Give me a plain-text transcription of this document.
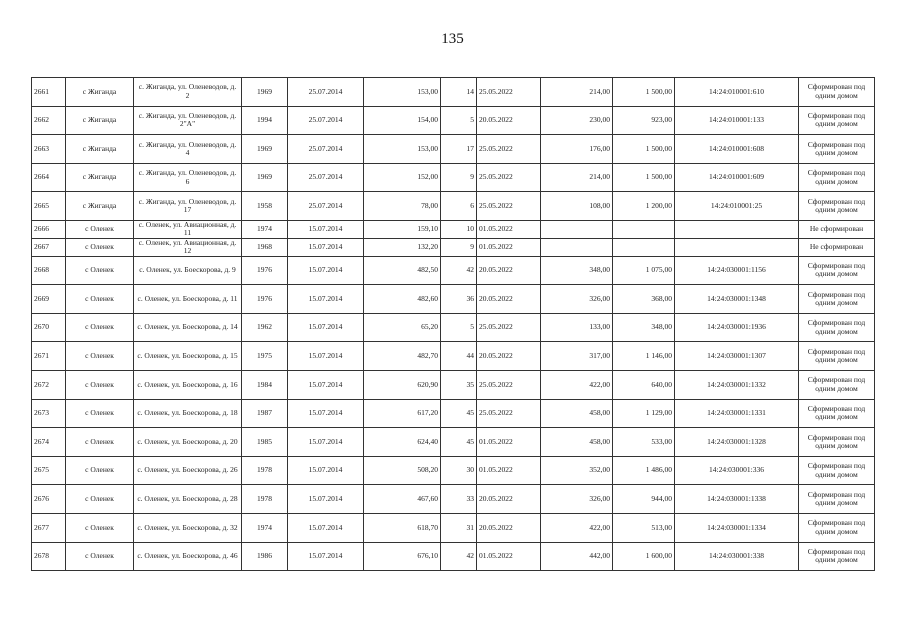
135
2661	с Жиганда	с. Жиганда, ул. Оленеводов, д. 2	1969	25.07.2014	153,00	14	25.05.2022	214,00	1 500,00	14:24:010001:610	Сформирован под одним домом
2662	с Жиганда	с. Жиганда, ул. Оленеводов, д. 2"А"	1994	25.07.2014	154,00	5	20.05.2022	230,00	923,00	14:24:010001:133	Сформирован под одним домом
2663	с Жиганда	с. Жиганда, ул. Оленеводов, д. 4	1969	25.07.2014	153,00	17	25.05.2022	176,00	1 500,00	14:24:010001:608	Сформирован под одним домом
2664	с Жиганда	с. Жиганда, ул. Оленеводов, д. 6	1969	25.07.2014	152,00	9	25.05.2022	214,00	1 500,00	14:24:010001:609	Сформирован под одним домом
2665	с Жиганда	с. Жиганда, ул. Оленеводов, д. 17	1958	25.07.2014	78,00	6	25.05.2022	108,00	1 200,00	14:24:010001:25	Сформирован под одним домом
2666	с Оленек	с. Оленек, ул. Авиационная, д. 11	1974	15.07.2014	159,10	10	01.05.2022				Не сформирован
2667	с Оленек	с. Оленек, ул. Авиационная, д. 12	1968	15.07.2014	132,20	9	01.05.2022				Не сформирован
2668	с Оленек	с. Оленек, ул. Боескорова, д. 9	1976	15.07.2014	482,50	42	20.05.2022	348,00	1 075,00	14:24:030001:1156	Сформирован под одним домом
2669	с Оленек	с. Оленек, ул. Боескорова, д. 11	1976	15.07.2014	482,60	36	20.05.2022	326,00	368,00	14:24:030001:1348	Сформирован под одним домом
2670	с Оленек	с. Оленек, ул. Боескорова, д. 14	1962	15.07.2014	65,20	5	25.05.2022	133,00	348,00	14:24:030001:1936	Сформирован под одним домом
2671	с Оленек	с. Оленек, ул. Боескорова, д. 15	1975	15.07.2014	482,70	44	20.05.2022	317,00	1 146,00	14:24:030001:1307	Сформирован под одним домом
2672	с Оленек	с. Оленек, ул. Боескорова, д. 16	1984	15.07.2014	620,90	35	25.05.2022	422,00	640,00	14:24:030001:1332	Сформирован под одним домом
2673	с Оленек	с. Оленек, ул. Боескорова, д. 18	1987	15.07.2014	617,20	45	25.05.2022	458,00	1 129,00	14:24:030001:1331	Сформирован под одним домом
2674	с Оленек	с. Оленек, ул. Боескорова, д. 20	1985	15.07.2014	624,40	45	01.05.2022	458,00	533,00	14:24:030001:1328	Сформирован под одним домом
2675	с Оленек	с. Оленек, ул. Боескорова, д. 26	1978	15.07.2014	508,20	30	01.05.2022	352,00	1 486,00	14:24:030001:336	Сформирован под одним домом
2676	с Оленек	с. Оленек, ул. Боескорова, д. 28	1978	15.07.2014	467,60	33	20.05.2022	326,00	944,00	14:24:030001:1338	Сформирован под одним домом
2677	с Оленек	с. Оленек, ул. Боескорова, д. 32	1974	15.07.2014	618,70	31	20.05.2022	422,00	513,00	14:24:030001:1334	Сформирован под одним домом
2678	с Оленек	с. Оленек, ул. Боескорова, д. 46	1986	15.07.2014	676,10	42	01.05.2022	442,00	1 600,00	14:24:030001:338	Сформирован под одним домом
